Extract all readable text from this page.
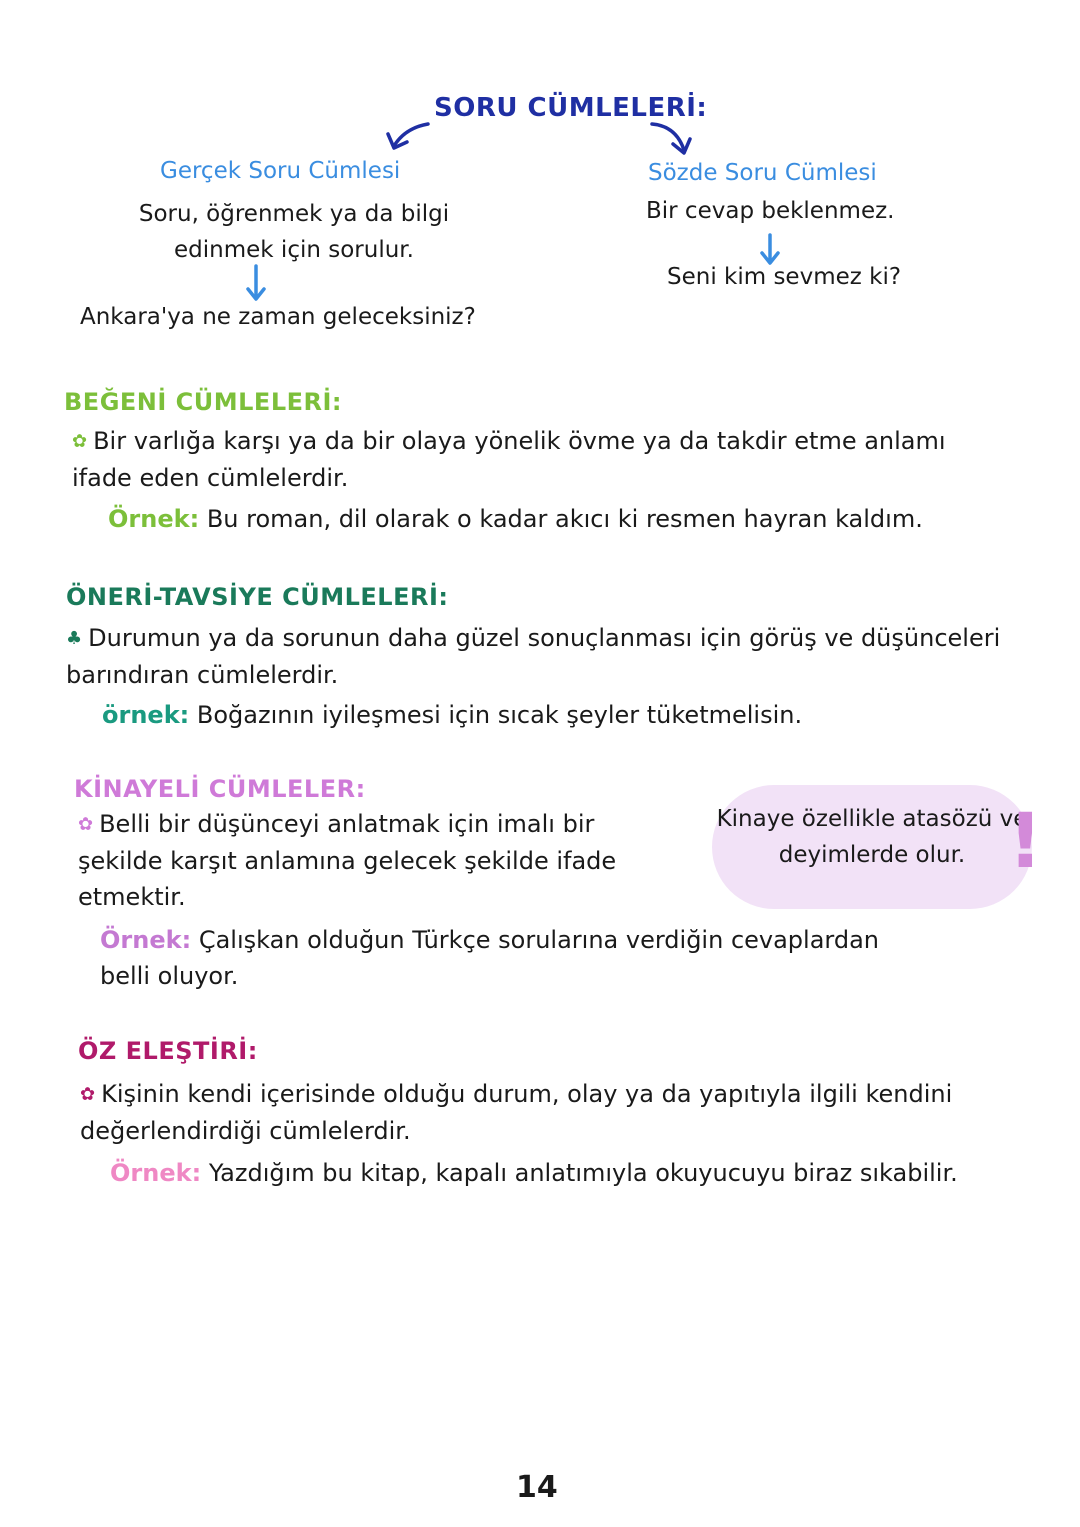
SORU CÜMLELERİ:
Gerçek Soru Cümlesi
Soru, öğrenmek ya da bilgi edinmek için sorulur.
Ankara'ya ne zaman geleceksiniz?
Sözde Soru Cümlesi
Bir cevap beklenmez.
Seni kim sevmez ki?
BEĞENİ CÜMLELERİ:
✿ Bir varlığa karşı ya da bir olaya yönelik övme ya da takdir etme anlamı ifade eden cümlelerdir.
Örnek: Bu roman, dil olarak o kadar akıcı ki resmen hayran kaldım.
ÖNERİ-TAVSİYE CÜMLELERİ:
♣ Durumun ya da sorunun daha güzel sonuçlanması için görüş ve düşünceleri barındıran cümlelerdir.
örnek: Boğazının iyileşmesi için sıcak şeyler tüketmelisin.
KİNAYELİ CÜMLELER:
✿ Belli bir düşünceyi anlatmak için imalı bir şekilde karşıt anlamına gelecek şekilde ifade etmektir.
Kinaye özellikle atasözü ve deyimlerde olur. !
Örnek: Çalışkan olduğun Türkçe sorularına verdiğin cevaplardan belli oluyor.
ÖZ ELEŞTİRİ:
✿ Kişinin kendi içerisinde olduğu durum, olay ya da yapıtıyla ilgili kendini değerlendirdiği cümlelerdir.
Örnek: Yazdığım bu kitap, kapalı anlatımıyla okuyucuyu biraz sıkabilir.
14
